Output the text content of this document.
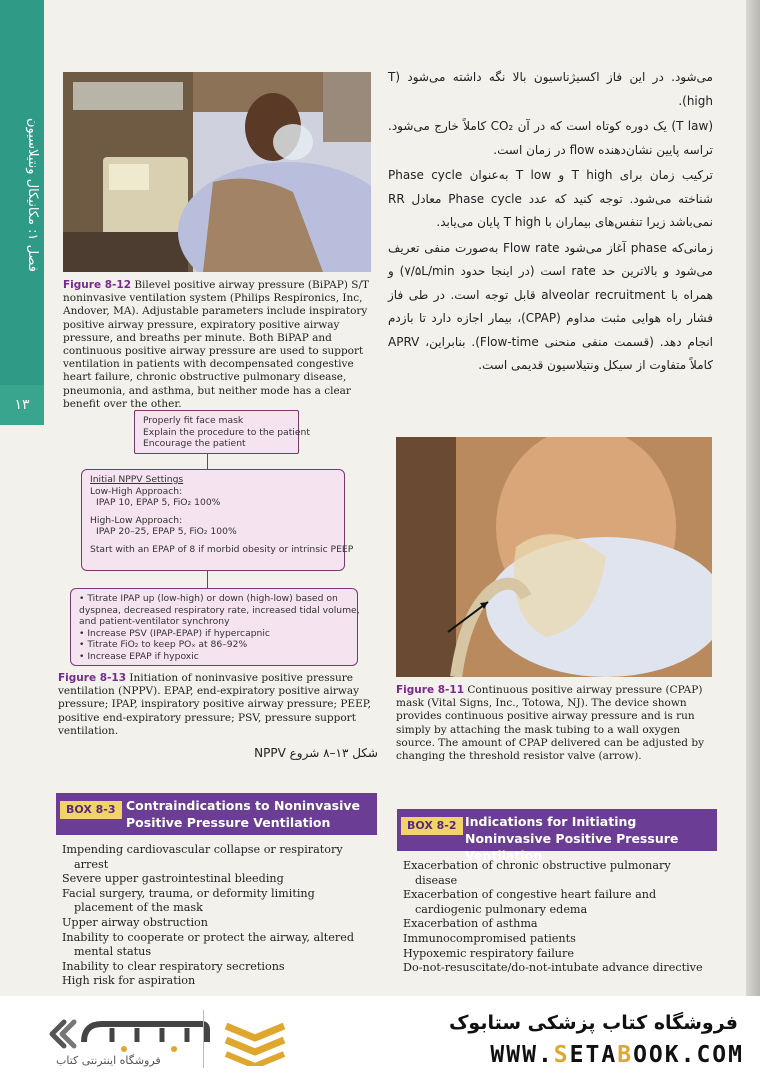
فصل ۱: مکانیکال ونتیلاسیون
۱۳
Figure 8-12 Bilevel positive airway pressure (BiPAP) S/T noninvasive ventilation system (Philips Respironics, Inc, Andover, MA). Adjustable parameters include inspiratory positive airway pressure, expiratory positive airway pressure, and breaths per minute. Both BiPAP and continuous positive airway pressure are used to support ventilation in patients with decompensated congestive heart failure, chronic obstructive pulmonary disease, pneumonia, and asthma, but neither mode has a clear benefit over the other.

می‌شود. در این فاز اکسیژناسیون بالا نگه داشته می‌شود (T high).

(T law) یک دوره کوتاه است که در آن CO₂ کاملاً خارج می‌شود. تراسه پایین نشان‌دهنده flow در زمان است.

ترکیب زمان برای T high و T low به‌عنوان Phase cycle شناخته می‌شود. توجه کنید که عدد Phase cycle معادل RR نمی‌باشد زیرا تنفس‌های بیماران با T high پایان می‌یابد.

زمانی‌که phase آغاز می‌شود Flow rate به‌صورت منفی تعریف می‌شود و بالاترین حد rate است (در اینجا حدود ۷/۵L/min) و همراه با alveolar recruitment قابل توجه است. در طی فاز فشار راه هوایی مثبت مداوم (CPAP)، بیمار اجازه دارد تا بازدم انجام دهد. (قسمت منفی منحنی Flow-time). بنابراین، APRV کاملاً متفاوت از سیکل ونتیلاسیون قدیمی است.

Properly fit face mask
Explain the procedure to the patient
Encourage the patient
Initial NPPV Settings
Low-High Approach:
IPAP 10, EPAP 5, FiO₂ 100%
High-Low Approach:
IPAP 20–25, EPAP 5, FiO₂ 100%
Start with an EPAP of 8 if morbid obesity or intrinsic PEEP
• Titrate IPAP up (low-high) or down (high-low) based on
dyspnea, decreased respiratory rate, increased tidal volume,
and patient-ventilator synchrony
• Increase PSV (IPAP-EPAP) if hypercapnic
• Titrate FiO₂ to keep POₓ at 86–92%
• Increase EPAP if hypoxic
Figure 8-13 Initiation of noninvasive positive pressure ventilation (NPPV). EPAP, end-expiratory positive airway pressure; IPAP, inspiratory positive airway pressure; PEEP, positive end-expiratory pressure; PSV, pressure support ventilation.
شکل ۱۳–۸ شروع NPPV
Figure 8-11 Continuous positive airway pressure (CPAP) mask (Vital Signs, Inc., Totowa, NJ). The device shown provides continuous positive airway pressure and is run simply by attaching the mask tubing to a wall oxygen source. The amount of CPAP delivered can be adjusted by changing the threshold resistor valve (arrow).
BOX 8-3 Contraindications to Noninvasive Positive Pressure Ventilation
Impending cardiovascular collapse or respiratory arrest
Severe upper gastrointestinal bleeding
Facial surgery, trauma, or deformity limiting placement of the mask
Upper airway obstruction
Inability to cooperate or protect the airway, altered mental status
Inability to clear respiratory secretions
High risk for aspiration
BOX 8-2 Indications for Initiating Noninvasive Positive Pressure Ventilation
Exacerbation of chronic obstructive pulmonary disease
Exacerbation of congestive heart failure and cardiogenic pulmonary edema
Exacerbation of asthma
Immunocompromised patients
Hypoxemic respiratory failure
Do-not-resuscitate/do-not-intubate advance directive
فروشگاه اینترنتی کتاب
فروشگاه کتاب پزشکی ستابوک
WWW.SETABOOK.COM
